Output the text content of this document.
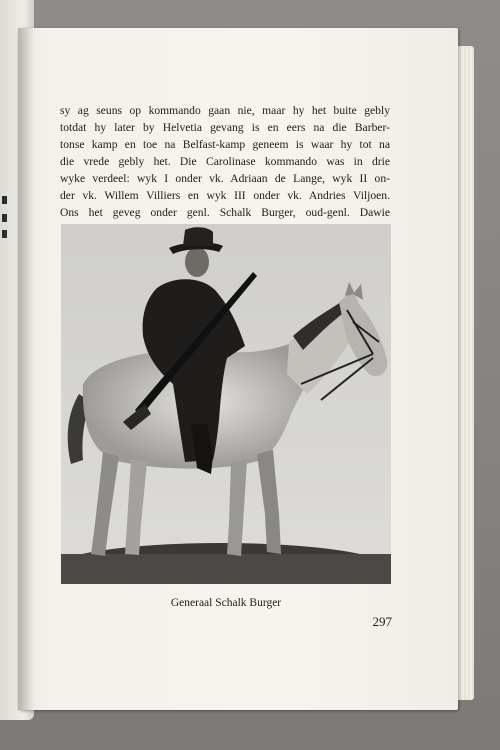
sy ag seuns op kommando gaan nie, maar hy het buite gebly
totdat hy later by Helvetia gevang is en eers na die Barber-
tonse kamp en toe na Belfast-kamp geneem is waar hy tot na
die vrede gebly het. Die Carolinase kommando was in drie
wyke verdeel: wyk I onder vk. Adriaan de Lange, wyk II on-
der vk. Willem Villiers en wyk III onder vk. Andries Viljoen.
Ons het geveg onder genl. Schalk Burger, oud-genl. Dawie
Generaal Schalk Burger
297
